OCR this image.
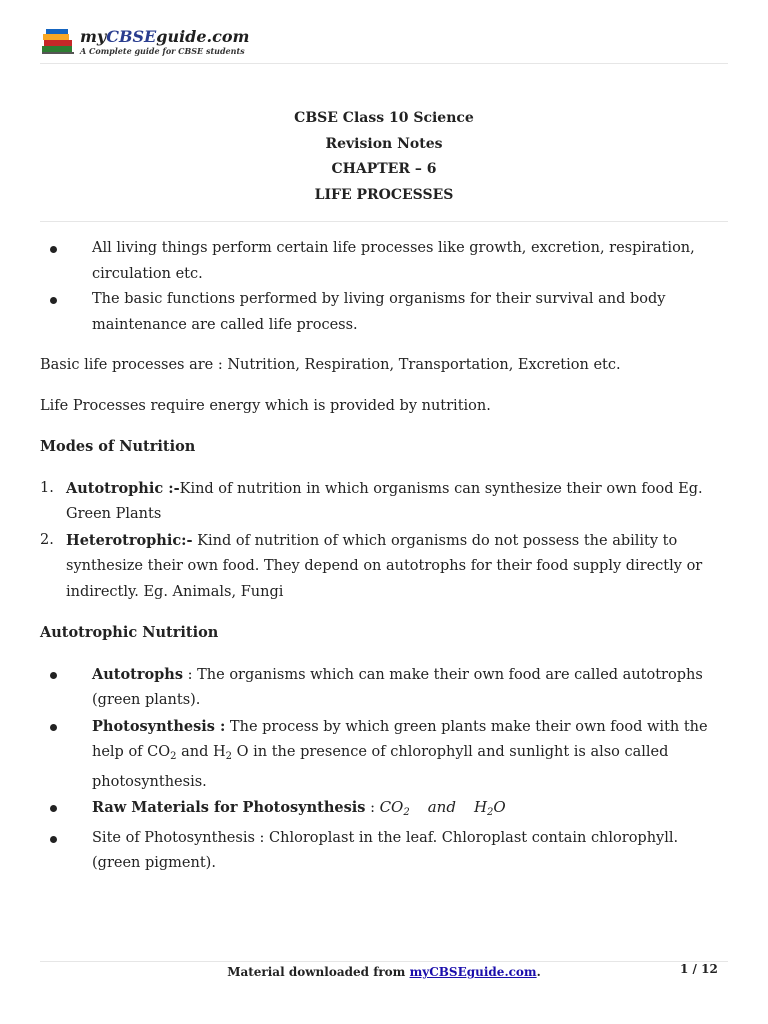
myCBSEguide.com
A Complete guide for CBSE students
CBSE Class 10 Science
Revision Notes
CHAPTER – 6
LIFE PROCESSES
All living things perform certain life processes like growth, excretion, respiration, circulation etc.
The basic functions performed by living organisms for their survival and body maintenance are called life process.

Basic life processes are : Nutrition, Respiration, Transportation, Excretion etc.

Life Processes require energy which is provided by nutrition.

Modes of Nutrition

1. Autotrophic :-Kind of nutrition in which organisms can synthesize their own food Eg. Green Plants
2. Heterotrophic:- Kind of nutrition of which organisms do not possess the ability to synthesize their own food. They depend on autotrophs for their food supply directly or indirectly. Eg. Animals, Fungi

Autotrophic Nutrition

Autotrophs : The organisms which can make their own food are called autotrophs (green plants).
Photosynthesis : The process by which green plants make their own food with the help of $CO_2$ and $H_2$ O in the presence of chlorophyll and sunlight is also called photosynthesis.
Raw Materials for Photosynthesis : $CO_2$ and $H_2O$
Site of Photosynthesis : Chloroplast in the leaf. Chloroplast contain chlorophyll. (green pigment).
Material downloaded from myCBSEguide.com.	1 / 12
